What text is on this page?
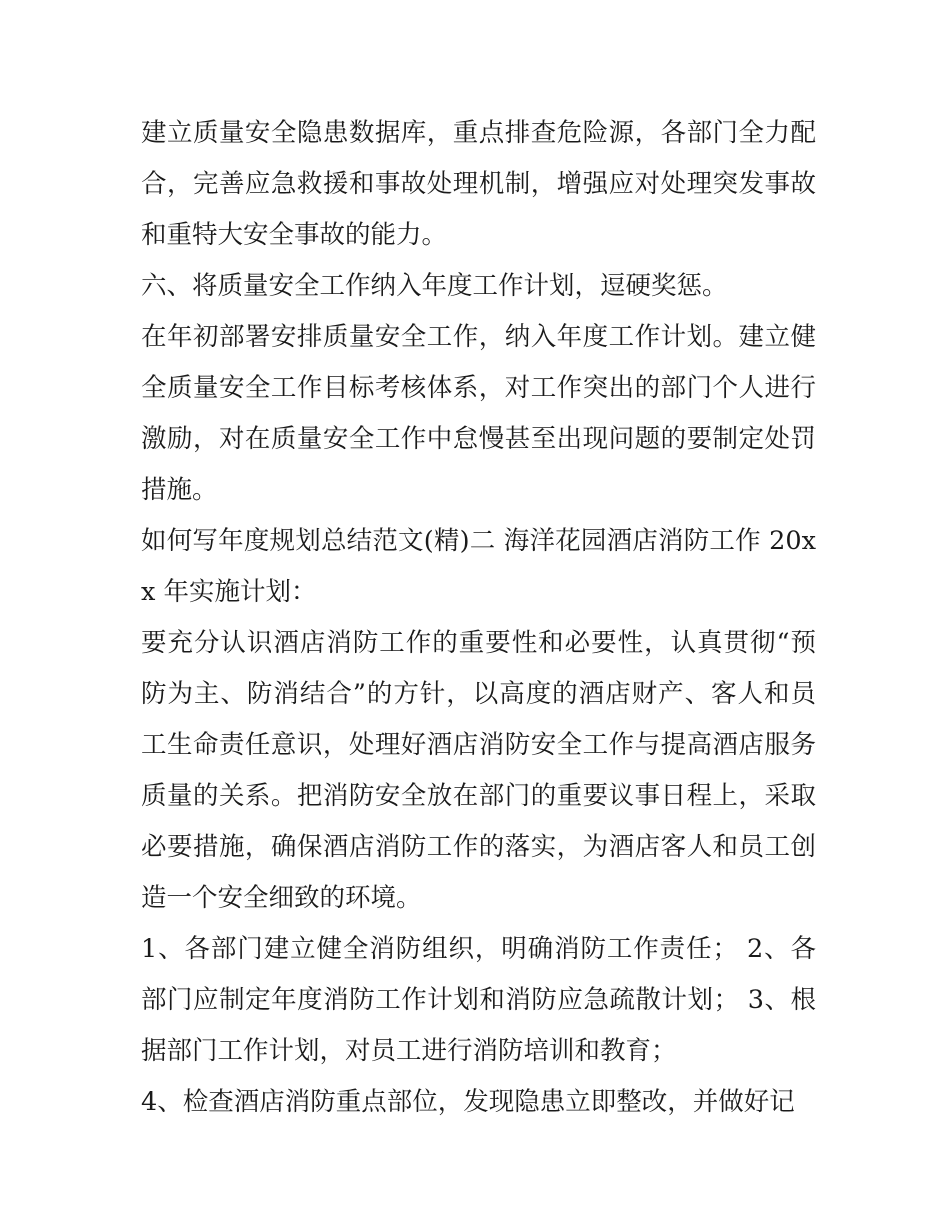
建立质量安全隐患数据库，重点排查危险源，各部门全力配合，完善应急救援和事故处理机制，增强应对处理突发事故和重特大安全事故的能力。

六、将质量安全工作纳入年度工作计划，逗硬奖惩。

在年初部署安排质量安全工作，纳入年度工作计划。建立健全质量安全工作目标考核体系，对工作突出的部门个人进行激励，对在质量安全工作中怠慢甚至出现问题的要制定处罚措施。

如何写年度规划总结范文(精)二 海洋花园酒店消防工作 20xx 年实施计划：

要充分认识酒店消防工作的重要性和必要性，认真贯彻“预防为主、防消结合”的方针，以高度的酒店财产、客人和员工生命责任意识，处理好酒店消防安全工作与提高酒店服务质量的关系。把消防安全放在部门的重要议事日程上，采取必要措施，确保酒店消防工作的落实，为酒店客人和员工创造一个安全细致的环境。

1、各部门建立健全消防组织，明确消防工作责任； 2、各部门应制定年度消防工作计划和消防应急疏散计划； 3、根据部门工作计划，对员工进行消防培训和教育；

4、检查酒店消防重点部位，发现隐患立即整改，并做好记
